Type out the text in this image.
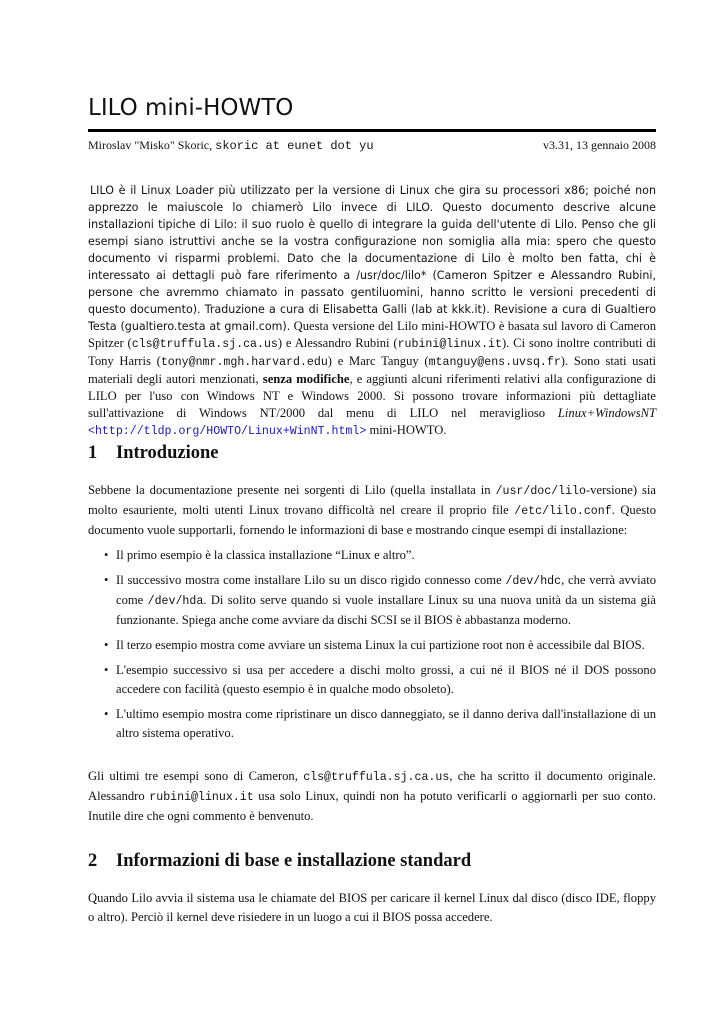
LILO mini-HOWTO
Miroslav "Misko" Skoric, skoric at eunet dot yu	v3.31, 13 gennaio 2008

LILO è il Linux Loader più utilizzato per la versione di Linux che gira su processori x86; poiché non apprezzo le maiuscole lo chiamerò Lilo invece di LILO. Questo documento descrive alcune installazioni tipiche di Lilo: il suo ruolo è quello di integrare la guida dell'utente di Lilo. Penso che gli esempi siano istruttivi anche se la vostra configurazione non somiglia alla mia: spero che questo documento vi risparmi problemi. Dato che la documentazione di Lilo è molto ben fatta, chi è interessato ai dettagli può fare riferimento a /usr/doc/lilo* (Cameron Spitzer e Alessandro Rubini, persone che avremmo chiamato in passato gentiluomini, hanno scritto le versioni precedenti di questo documento). Traduzione a cura di Elisabetta Galli (lab at kkk.it). Revisione a cura di Gualtiero Testa (gualtiero.testa at gmail.com). Questa versione del Lilo mini-HOWTO è basata sul lavoro di Cameron Spitzer (cls@truffula.sj.ca.us) e Alessandro Rubini (rubini@linux.it). Ci sono inoltre contributi di Tony Harris (tony@nmr.mgh.harvard.edu) e Marc Tanguy (mtanguy@ens.uvsq.fr). Sono stati usati materiali degli autori menzionati, senza modifiche, e aggiunti alcuni riferimenti relativi alla configurazione di LILO per l'uso con Windows NT e Windows 2000. Si possono trovare informazioni più dettagliate sull'attivazione di Windows NT/2000 dal menu di LILO nel meraviglioso Linux+WindowsNT <http://tldp.org/HOWTO/Linux+WinNT.html> mini-HOWTO.

1 Introduzione

Sebbene la documentazione presente nei sorgenti di Lilo (quella installata in /usr/doc/lilo-versione) sia molto esauriente, molti utenti Linux trovano difficoltà nel creare il proprio file /etc/lilo.conf. Questo documento vuole supportarli, fornendo le informazioni di base e mostrando cinque esempi di installazione:

• Il primo esempio è la classica installazione “Linux e altro”.
• Il successivo mostra come installare Lilo su un disco rigido connesso come /dev/hdc, che verrà avviato come /dev/hda. Di solito serve quando si vuole installare Linux su una nuova unità da un sistema già funzionante. Spiega anche come avviare da dischi SCSI se il BIOS è abbastanza moderno.
• Il terzo esempio mostra come avviare un sistema Linux la cui partizione root non è accessibile dal BIOS.
• L'esempio successivo si usa per accedere a dischi molto grossi, a cui né il BIOS né il DOS possono accedere con facilità (questo esempio è in qualche modo obsoleto).
• L'ultimo esempio mostra come ripristinare un disco danneggiato, se il danno deriva dall'installazione di un altro sistema operativo.

Gli ultimi tre esempi sono di Cameron, cls@truffula.sj.ca.us, che ha scritto il documento originale. Alessandro rubini@linux.it usa solo Linux, quindi non ha potuto verificarli o aggiornarli per suo conto. Inutile dire che ogni commento è benvenuto.

2 Informazioni di base e installazione standard

Quando Lilo avvia il sistema usa le chiamate del BIOS per caricare il kernel Linux dal disco (disco IDE, floppy o altro). Perciò il kernel deve risiedere in un luogo a cui il BIOS possa accedere.
